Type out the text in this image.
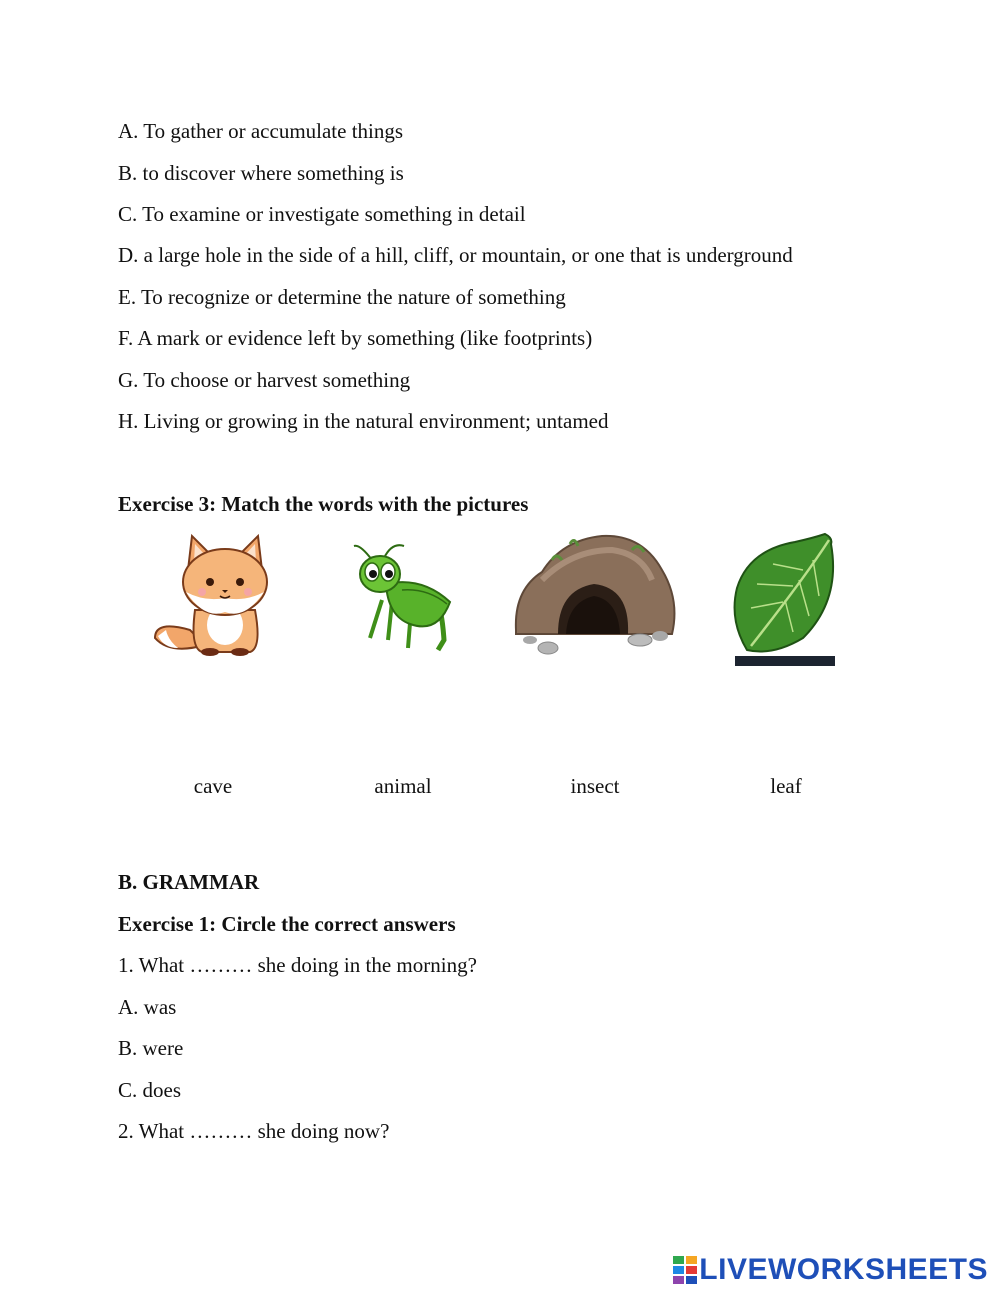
A. To gather or accumulate things
B. to discover where something is
C. To examine or investigate something in detail
D. a large hole in the side of a hill, cliff, or mountain, or one that is underground
E. To recognize or determine the nature of something
F. A mark or evidence left by something (like footprints)
G. To choose or harvest something
H. Living or growing in the natural environment; untamed
Exercise 3: Match the words with the pictures
cave	animal	insect	leaf
B. GRAMMAR
Exercise 1: Circle the correct answers
1. What ……… she doing in the morning?
A. was
B. were
C. does
2. What ……… she doing now?
LIVEWORKSHEETS
